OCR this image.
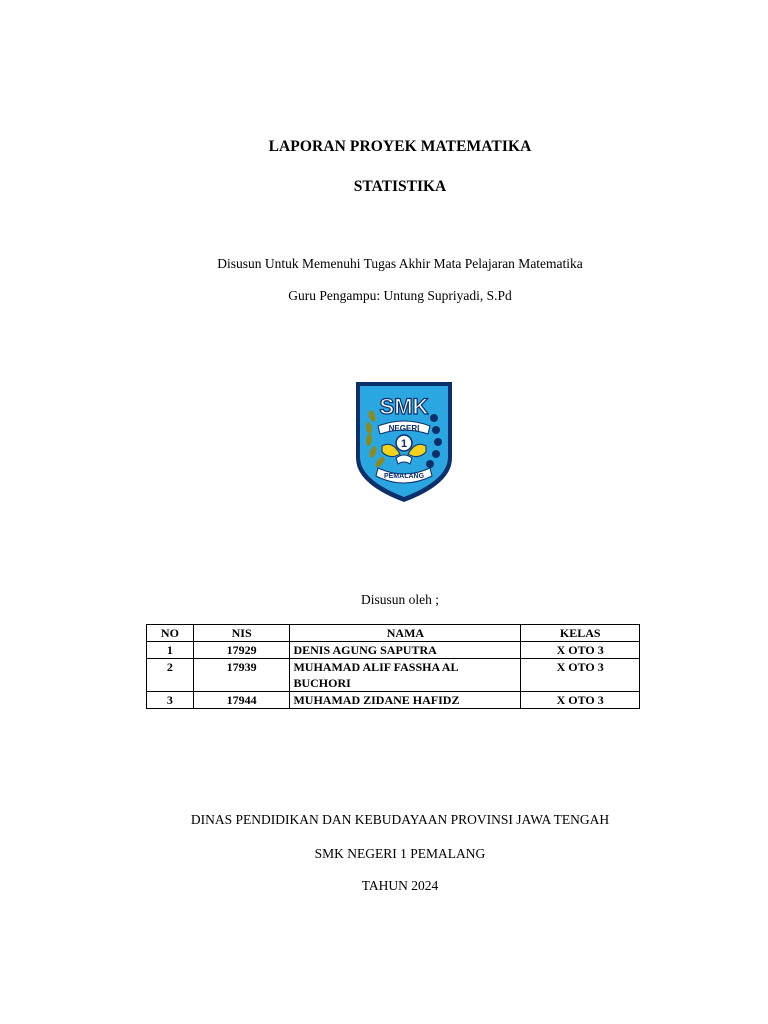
LAPORAN PROYEK MATEMATIKA
STATISTIKA
Disusun Untuk Memenuhi Tugas Akhir Mata Pelajaran Matematika
Guru Pengampu: Untung Supriyadi, S.Pd
SMK
NEGERI
1
PEMALANG
Disusun oleh ;
NO	NIS	NAMA	KELAS
1	17929	DENIS AGUNG SAPUTRA	X OTO 3
2	17939	MUHAMAD ALIF FASSHA AL BUCHORI	X OTO 3
3	17944	MUHAMAD ZIDANE HAFIDZ	X OTO 3
DINAS PENDIDIKAN DAN KEBUDAYAAN PROVINSI JAWA TENGAH
SMK NEGERI 1 PEMALANG
TAHUN 2024
